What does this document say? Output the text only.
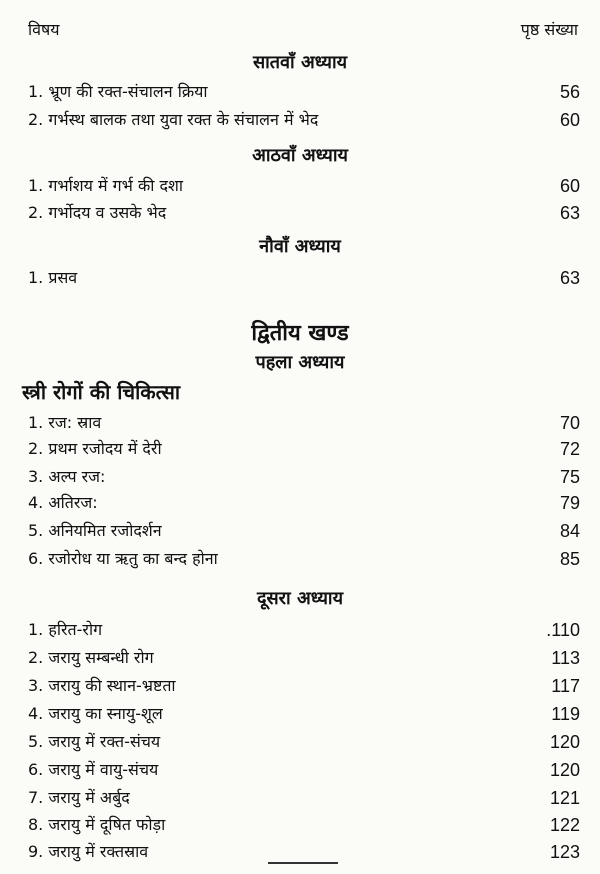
विषय	पृष्ठ संख्या
सातवाँ अध्याय
1. भ्रूण की रक्त-संचालन क्रिया	56
2. गर्भस्थ बालक तथा युवा रक्त के संचालन में भेद	60
आठवाँ अध्याय
1. गर्भाशय में गर्भ की दशा	60
2. गर्भोदय व उसके भेद	63
नौवाँ अध्याय
1. प्रसव	63
द्वितीय खण्ड
पहला अध्याय
स्त्री रोगों की चिकित्सा
1. रज: स्राव	70
2. प्रथम रजोदय में देरी	72
3. अल्प रज:	75
4. अतिरज:	79
5. अनियमित रजोदर्शन	84
6. रजोरोध या ऋतु का बन्द होना	85
दूसरा अध्याय
1. हरित-रोग	.110
2. जरायु सम्बन्धी रोग	113
3. जरायु की स्थान-भ्रष्टता	117
4. जरायु का स्नायु-शूल	119
5. जरायु में रक्त-संचय	120
6. जरायु में वायु-संचय	120
7. जरायु में अर्बुद	121
8. जरायु में दूषित फोड़ा	122
9. जरायु में रक्तस्राव	123
